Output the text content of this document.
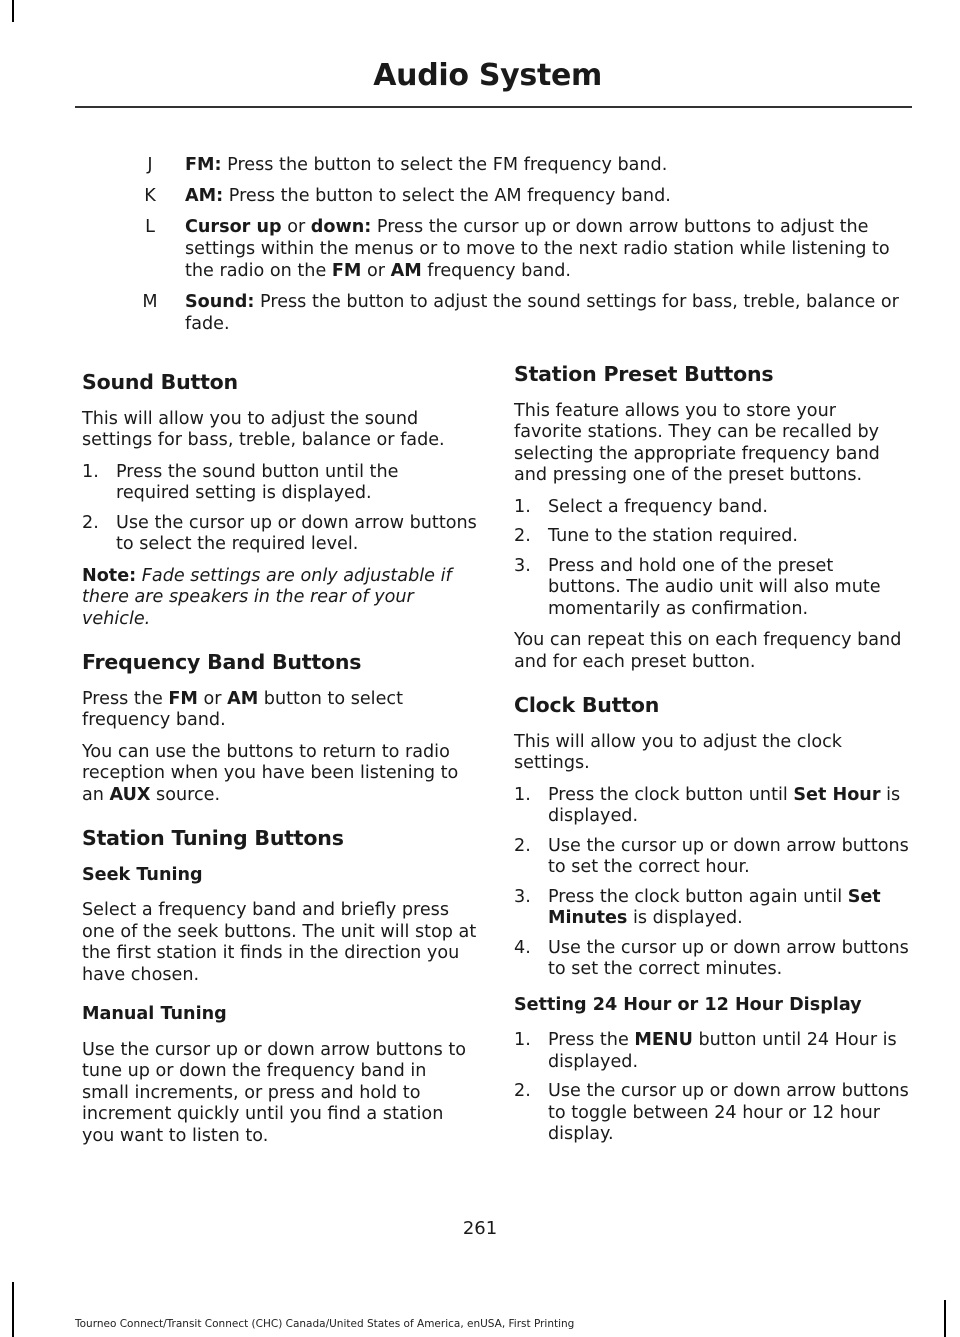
Audio System
J	FM: Press the button to select the FM frequency band.
K	AM: Press the button to select the AM frequency band.
L	Cursor up or down: Press the cursor up or down arrow buttons to adjust the settings within the menus or to move to the next radio station while listening to the radio on the FM or AM frequency band.
M	Sound: Press the button to adjust the sound settings for bass, treble, balance or fade.
Sound Button

This will allow you to adjust the sound settings for bass, treble, balance or fade.

1. Press the sound button until the required setting is displayed.
2. Use the cursor up or down arrow buttons to select the required level.

Note: Fade settings are only adjustable if there are speakers in the rear of your vehicle.

Frequency Band Buttons

Press the FM or AM button to select frequency band.

You can use the buttons to return to radio reception when you have been listening to an AUX source.

Station Tuning Buttons
Seek Tuning

Select a frequency band and briefly press one of the seek buttons. The unit will stop at the first station it finds in the direction you have chosen.

Manual Tuning

Use the cursor up or down arrow buttons to tune up or down the frequency band in small increments, or press and hold to increment quickly until you find a station you want to listen to.

Station Preset Buttons

This feature allows you to store your favorite stations. They can be recalled by selecting the appropriate frequency band and pressing one of the preset buttons.

1. Select a frequency band.
2. Tune to the station required.
3. Press and hold one of the preset buttons. The audio unit will also mute momentarily as confirmation.

You can repeat this on each frequency band and for each preset button.

Clock Button

This will allow you to adjust the clock settings.

1. Press the clock button until Set Hour is displayed.
2. Use the cursor up or down arrow buttons to set the correct hour.
3. Press the clock button again until Set Minutes is displayed.
4. Use the cursor up or down arrow buttons to set the correct minutes.
Setting 24 Hour or 12 Hour Display
1. Press the MENU button until 24 Hour is displayed.
2. Use the cursor up or down arrow buttons to toggle between 24 hour or 12 hour display.
261
Tourneo Connect/Transit Connect (CHC) Canada/United States of America, enUSA, First Printing
